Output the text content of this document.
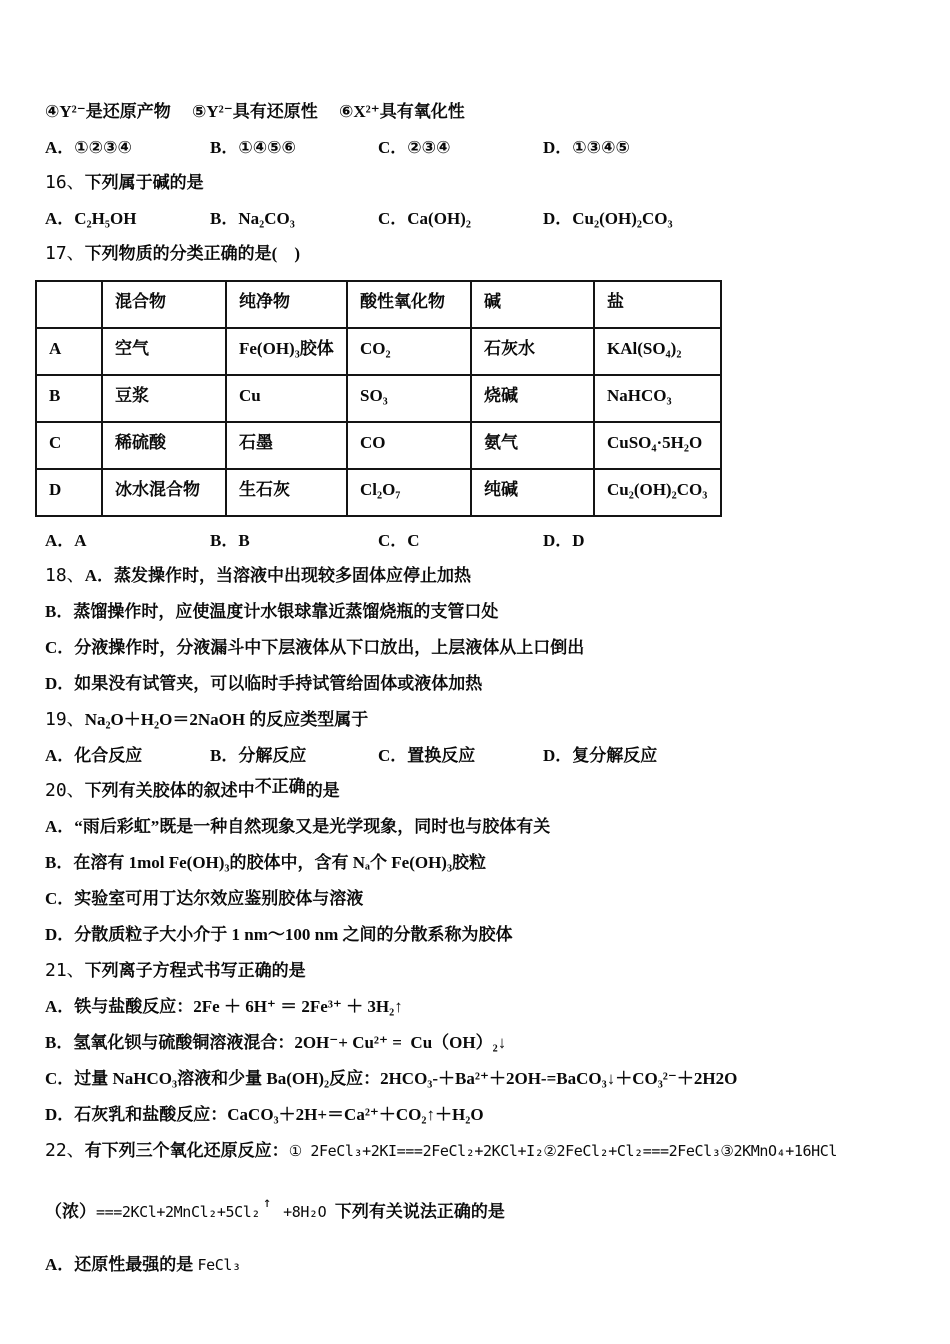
④Y²⁻是还原产物　 ⑤Y²⁻具有还原性　 ⑥X²⁺具有氧化性
A．①②③④	B．①④⑤⑥	C．②③④	D．①③④⑤
16、下列属于碱的是
A．C₂H₅OH	B．Na₂CO₃	C．Ca(OH)₂	D．Cu₂(OH)₂CO₃
17、下列物质的分类正确的是(　)
	混合物	纯净物	酸性氧化物	碱	盐
A	空气	Fe(OH)₃胶体	CO₂	石灰水	KAl(SO₄)₂
B	豆浆	Cu	SO₃	烧碱	NaHCO₃
C	稀硫酸	石墨	CO	氨气	CuSO₄·5H₂O
D	冰水混合物	生石灰	Cl₂O₇	纯碱	Cu₂(OH)₂CO₃
A．A	B．B	C．C	D．D
18、A．蒸发操作时，当溶液中出现较多固体应停止加热
B．蒸馏操作时，应使温度计水银球靠近蒸馏烧瓶的支管口处
C．分液操作时，分液漏斗中下层液体从下口放出，上层液体从上口倒出
D．如果没有试管夹，可以临时手持试管给固体或液体加热
19、Na₂O＋H₂O＝2NaOH 的反应类型属于
A．化合反应	B．分解反应	C．置换反应	D．复分解反应
20、下列有关胶体的叙述中不正确的是
A．“雨后彩虹”既是一种自然现象又是光学现象，同时也与胶体有关
B．在溶有 1mol Fe(OH)₃的胶体中，含有 Nₐ个 Fe(OH)₃胶粒
C．实验室可用丁达尔效应鉴别胶体与溶液
D．分散质粒子大小介于 1 nm～100 nm 之间的分散系称为胶体
21、下列离子方程式书写正确的是
A．铁与盐酸反应：2Fe ＋ 6H⁺ ＝ 2Fe³⁺ ＋ 3H₂↑
B．氢氧化钡与硫酸铜溶液混合：2OH⁻+ Cu²⁺ =  Cu（OH）₂↓
C．过量 NaHCO₃溶液和少量 Ba(OH)₂反应：2HCO₃-＋Ba²⁺＋2OH-=BaCO₃↓＋CO₃²⁻＋2H2O
D．石灰乳和盐酸反应：CaCO₃＋2H+＝Ca²⁺＋CO₂↑＋H₂O
22、有下列三个氧化还原反应：① 2FeCl₃+2KI===2FeCl₂+2KCl+I₂②2FeCl₂+Cl₂===2FeCl₃③2KMnO₄+16HCl
（浓）===2KCl+2MnCl₂+5Cl₂ ↑ +8H₂O 下列有关说法正确的是
A．还原性最强的是 FeCl₃
